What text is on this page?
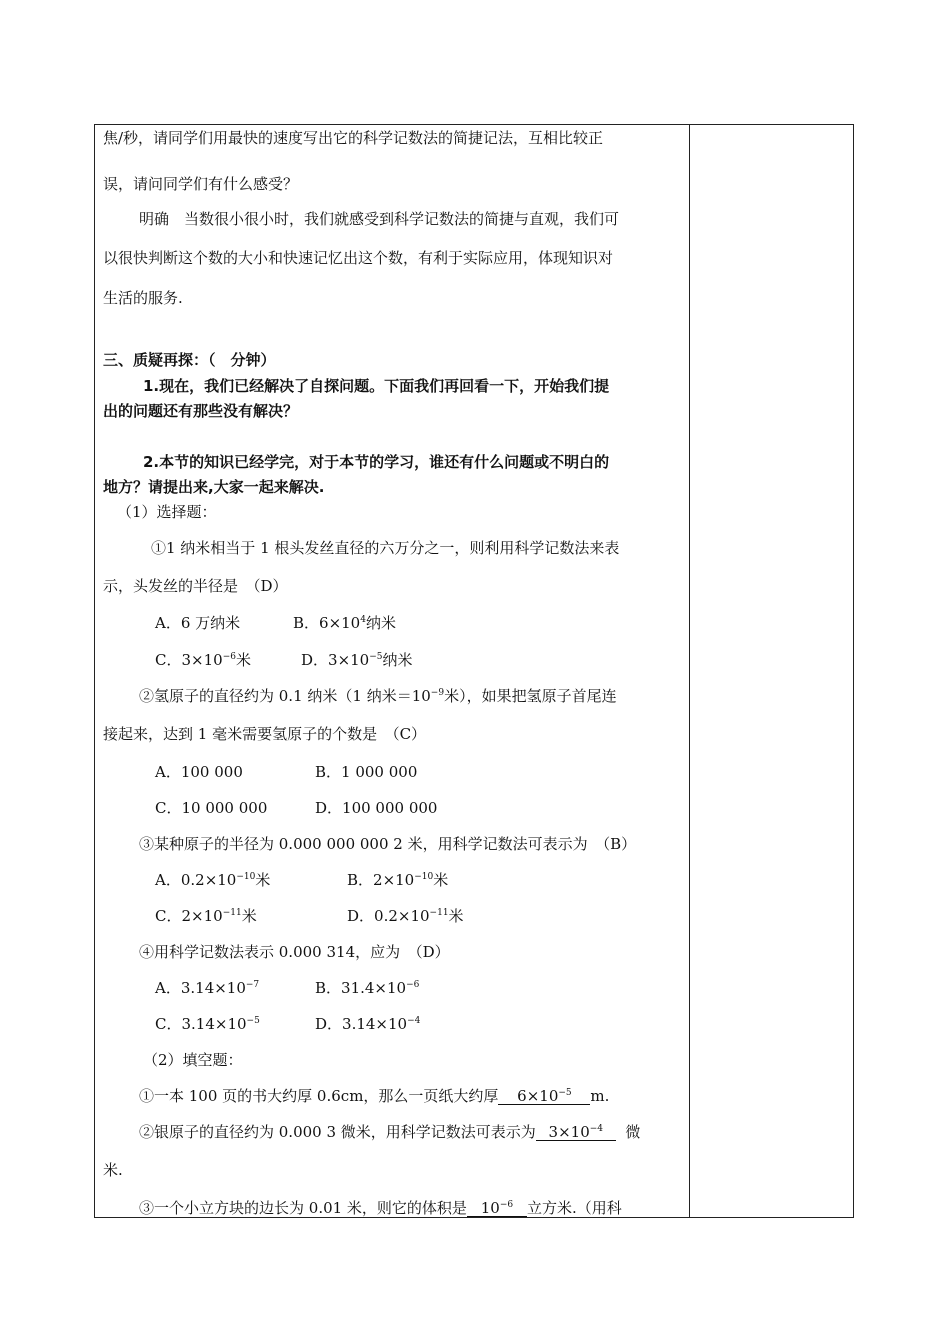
焦/秒，请同学们用最快的速度写出它的科学记数法的简捷记法，互相比较正
误，请问同学们有什么感受？
明确　当数很小很小时，我们就感受到科学记数法的简捷与直观，我们可
以很快判断这个数的大小和快速记忆出这个数，有利于实际应用，体现知识对
生活的服务.
三、质疑再探：（　分钟）
1.现在，我们已经解决了自探问题。下面我们再回看一下，开始我们提
出的问题还有那些没有解决？
2.本节的知识已经学完，对于本节的学习，谁还有什么问题或不明白的
地方？请提出来,大家一起来解决.
（1）选择题：
①1 纳米相当于 1 根头发丝直径的六万分之一，则利用科学记数法来表
示，头发丝的半径是　（D）
A．6 万纳米	B．$6\times 10^4$纳米
C．$3\times 10^{-6}$米	D．$3\times 10^{-5}$纳米
②氢原子的直径约为 0.1 纳米（1 纳米$=10^{-9}$米），如果把氢原子首尾连
接起来，达到 1 毫米需要氢原子的个数是　（C）
A．100 000	B．1 000 000
C．10 000 000	D．100 000 000
③某种原子的半径为 0.000 000 000 2 米，用科学记数法可表示为　（B）
A．$0.2\times 10^{-10}$米	B．$2\times 10^{-10}$米
C．$2\times 10^{-11}$米	D．$0.2\times 10^{-11}$米
④用科学记数法表示 0.000 314，应为　（D）
A．$3.14\times 10^{-7}$	B．$31.4\times 10^{-6}$
C．$3.14\times 10^{-5}$	D．$3.14\times 10^{-4}$
（2）填空题：
①一本 100 页的书大约厚 0.6cm，那么一页纸大约厚 $6\times 10^{-5}$ m.
②银原子的直径约为 0.000 3 微米，用科学记数法可表示为 $3\times 10^{-4}$ 微
米.
③一个小立方块的边长为 0.01 米，则它的体积是 $10^{-6}$ 立方米.（用科
